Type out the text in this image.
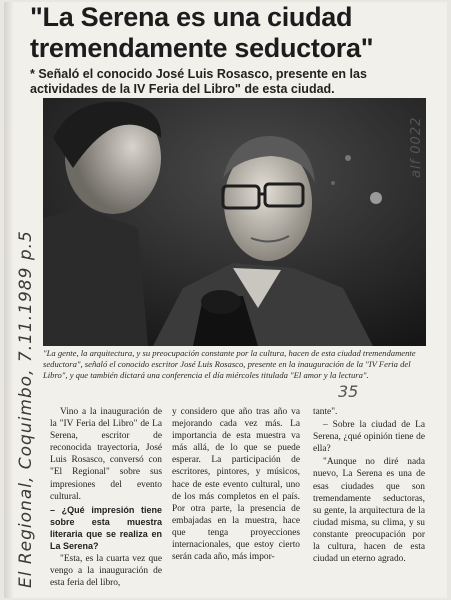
"La Serena es una ciudad tremendamente seductora"

* Señaló el conocido José Luis Rosasco, presente en las actividades de la IV Feria del Libro" de esta ciudad.

"La gente, la arquitectura, y su preocupación constante por la cultura, hacen de esta ciudad tremendamente seductora", señaló el conocido escritor José Luis Rosasco, presente en la inauguración de la "IV Feria del Libro", y que también dictará una conferencia el día miércoles titulada "El amor y la lectura".

Vino a la inauguración de la "IV Feria del Libro" de La Serena, escritor de reconocida trayectoria, José Luis Rosasco, conversó con "El Regional" sobre sus impresiones del evento cultural.

– ¿Qué impresión tiene sobre esta muestra literaria que se realiza en La Serena?

"Esta, es la cuarta vez que vengo a la inauguración de esta feria del libro,

y considero que año tras año va mejorando cada vez más. La importancia de esta muestra va más allá, de lo que se puede esperar. La participación de escritores, pintores, y músicos, hace de este evento cultural, uno de los más completos en el país. Por otra parte, la presencia de embajadas en la muestra, hace que tenga proyecciones internacionales, que estoy cierto serán cada año, más impor-

tante".

– Sobre la ciudad de La Serena, ¿qué opinión tiene de ella?

"Aunque no diré nada nuevo, La Serena es una de esas ciudades que son tremendamente seductoras, su gente, la arquitectura de la ciudad misma, su clima, y su constante preocupación por la cultura, hacen de esta ciudad un eterno agrado.

El Regional, Coquimbo, 7.11.1989 p.5
alf 0022
35
